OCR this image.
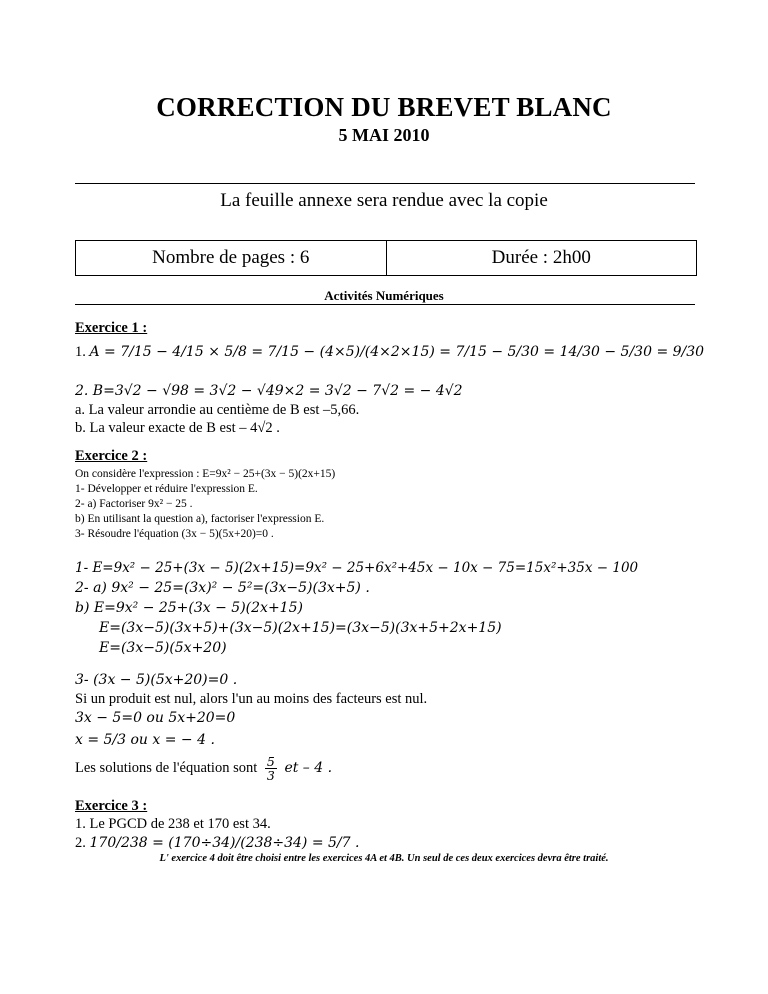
CORRECTION DU BREVET BLANC
5 MAI 2010
La feuille annexe sera rendue avec la copie
Nombre de pages : 6	Durée : 2h00
Activités Numériques
Exercice 1 :
1. A = 7/15 − 4/15 × 5/8 = 7/15 − (4×5)/(4×2×15) = 7/15 − 5/30 = 14/30 − 5/30 = 9/30
2. B=3√2 − √98 = 3√2 − √49×2 = 3√2 − 7√2 = − 4√2
a. La valeur arrondie au centième de B est –5,66.
b. La valeur exacte de B est – 4√2 .
Exercice 2 :
On considère l'expression : E=9x² − 25+(3x − 5)(2x+15)
1- Développer et réduire l'expression E.
2- a) Factoriser 9x² − 25 .
b) En utilisant la question a), factoriser l'expression E.
3- Résoudre l'équation (3x − 5)(5x+20)=0 .
1- E=9x² − 25+(3x − 5)(2x+15)=9x² − 25+6x²+45x − 10x − 75=15x²+35x − 100
2- a) 9x² − 25=(3x)² − 5²=(3x−5)(3x+5) .
b) E=9x² − 25+(3x − 5)(2x+15)
E=(3x−5)(3x+5)+(3x−5)(2x+15)=(3x−5)(3x+5+2x+15)
E=(3x−5)(5x+20)
3- (3x − 5)(5x+20)=0 .
Si un produit est nul, alors l'un au moins des facteurs est nul.
3x − 5=0 ou 5x+20=0
x = 5/3 ou x = − 4 .
Les solutions de l'équation sont $\frac{5}{3}$ et – 4 .
Exercice 3 :
1. Le PGCD de 238 et 170 est 34.
2. 170/238 = (170÷34)/(238÷34) = 5/7 .
L' exercice 4 doit être choisi entre les exercices 4A et 4B. Un seul de ces deux exercices devra être traité.
